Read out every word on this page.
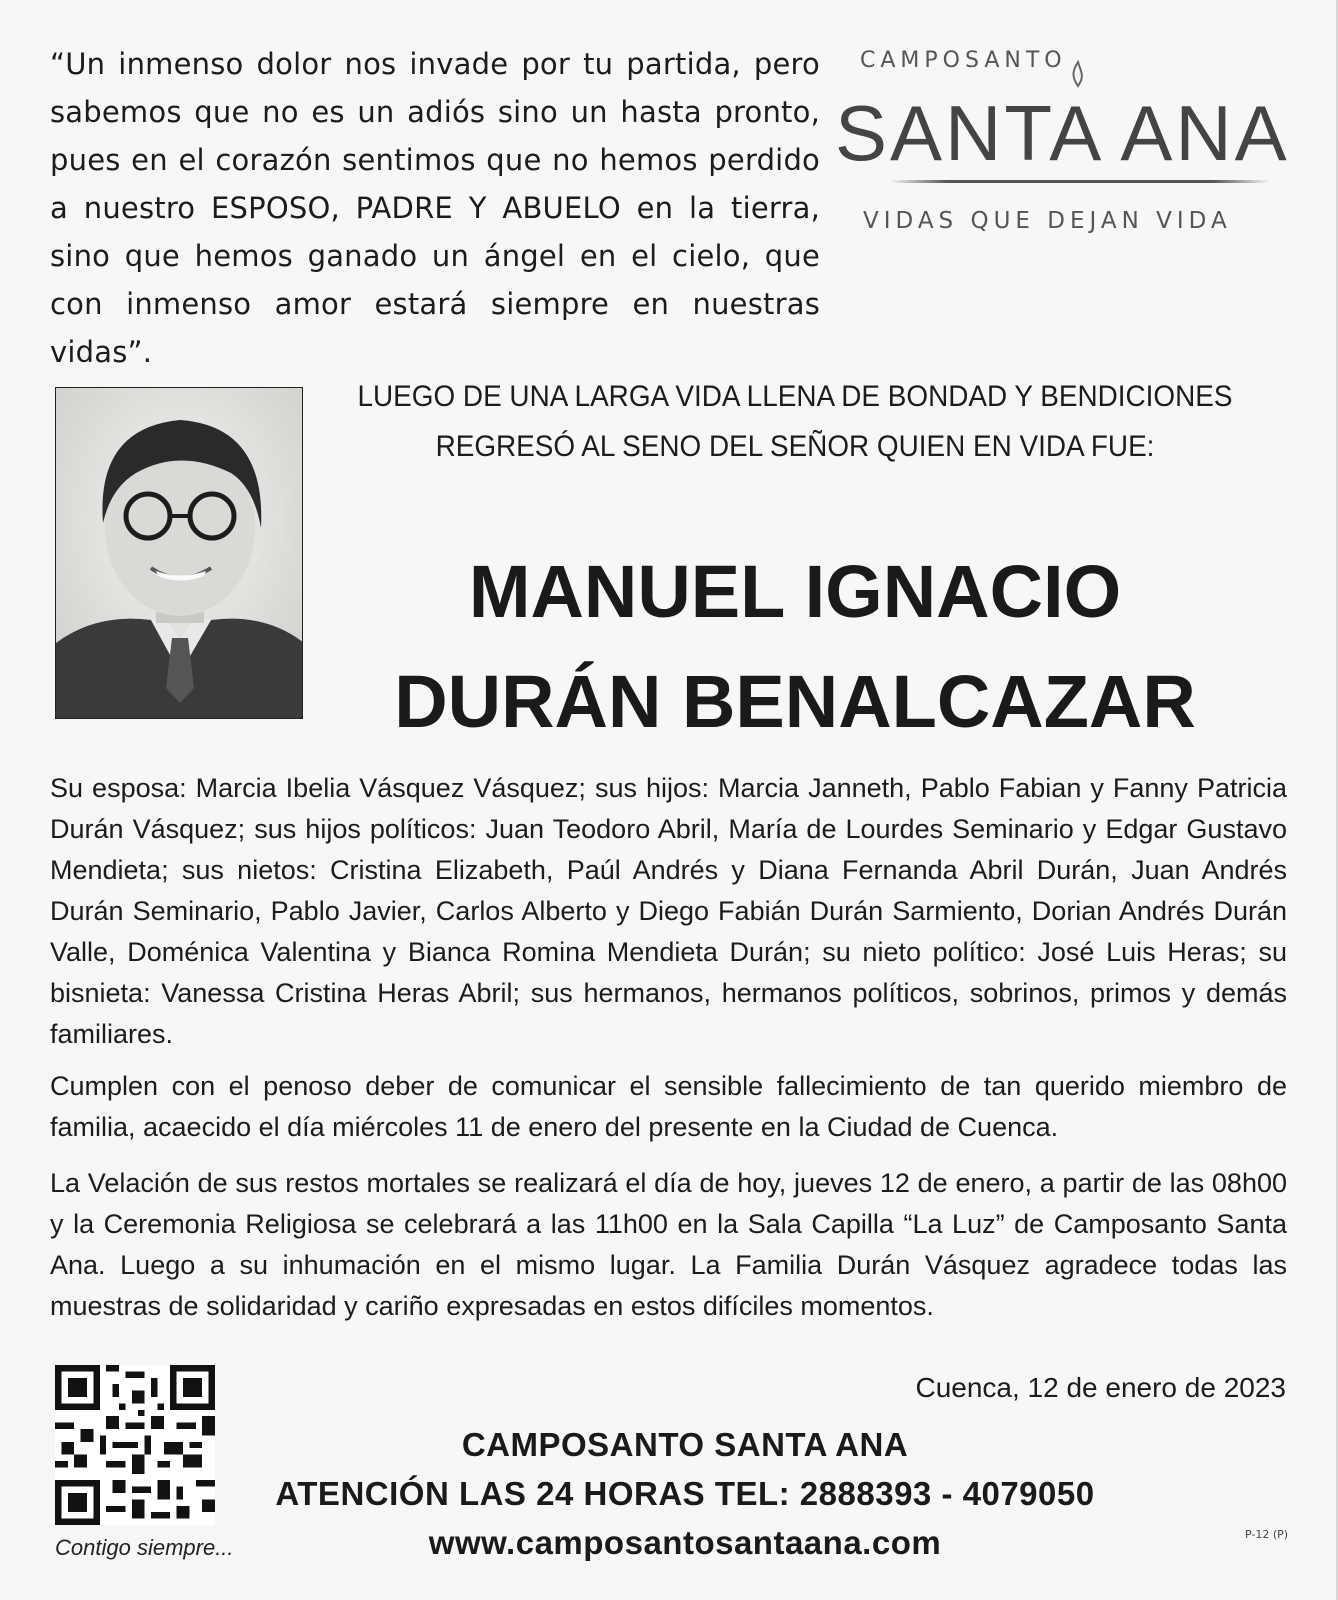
“Un inmenso dolor nos invade por tu partida, pero sabemos que no es un adiós sino un hasta pronto, pues en el corazón sentimos que no hemos perdido a nuestro ESPOSO, PADRE Y ABUELO en la tierra, sino que hemos ganado un ángel en el cielo, que con inmenso amor estará siempre en nuestras vidas”.
CAMPOSANTO
SANTA ANA
VIDAS QUE DEJAN VIDA
LUEGO DE UNA LARGA VIDA LLENA DE BONDAD Y BENDICIONES
REGRESÓ AL SENO DEL SEÑOR QUIEN EN VIDA FUE:
MANUEL IGNACIO
DURÁN BENALCAZAR
Su esposa: Marcia Ibelia Vásquez Vásquez; sus hijos: Marcia Janneth, Pablo Fabian y Fanny Patricia Durán Vásquez; sus hijos políticos: Juan Teodoro Abril, María de Lourdes Seminario y Edgar Gustavo Mendieta; sus nietos: Cristina Elizabeth, Paúl Andrés y Diana Fernanda Abril Durán, Juan Andrés Durán Seminario, Pablo Javier, Carlos Alberto y Diego Fabián Durán Sarmiento, Dorian Andrés Durán Valle, Doménica Valentina y Bianca Romina Mendieta Durán; su nieto político: José Luis Heras; su bisnieta: Vanessa Cristina Heras Abril; sus hermanos, hermanos políticos, sobrinos, primos y demás familiares.
Cumplen con el penoso deber de comunicar el sensible fallecimiento de tan querido miembro de familia, acaecido el día miércoles 11 de enero del presente en la Ciudad de Cuenca.
La Velación de sus restos mortales se realizará el día de hoy, jueves 12 de enero, a partir de las 08h00 y la Ceremonia Religiosa se celebrará a las 11h00 en la Sala Capilla “La Luz” de Camposanto Santa Ana. Luego a su inhumación en el mismo lugar. La Familia Durán Vásquez agradece todas las muestras de solidaridad y cariño expresadas en estos difíciles momentos.
Contigo siempre...
Cuenca, 12 de enero de 2023
CAMPOSANTO SANTA ANA
ATENCIÓN LAS 24 HORAS TEL: 2888393 - 4079050
www.camposantosantaana.com	P-12 (P)
